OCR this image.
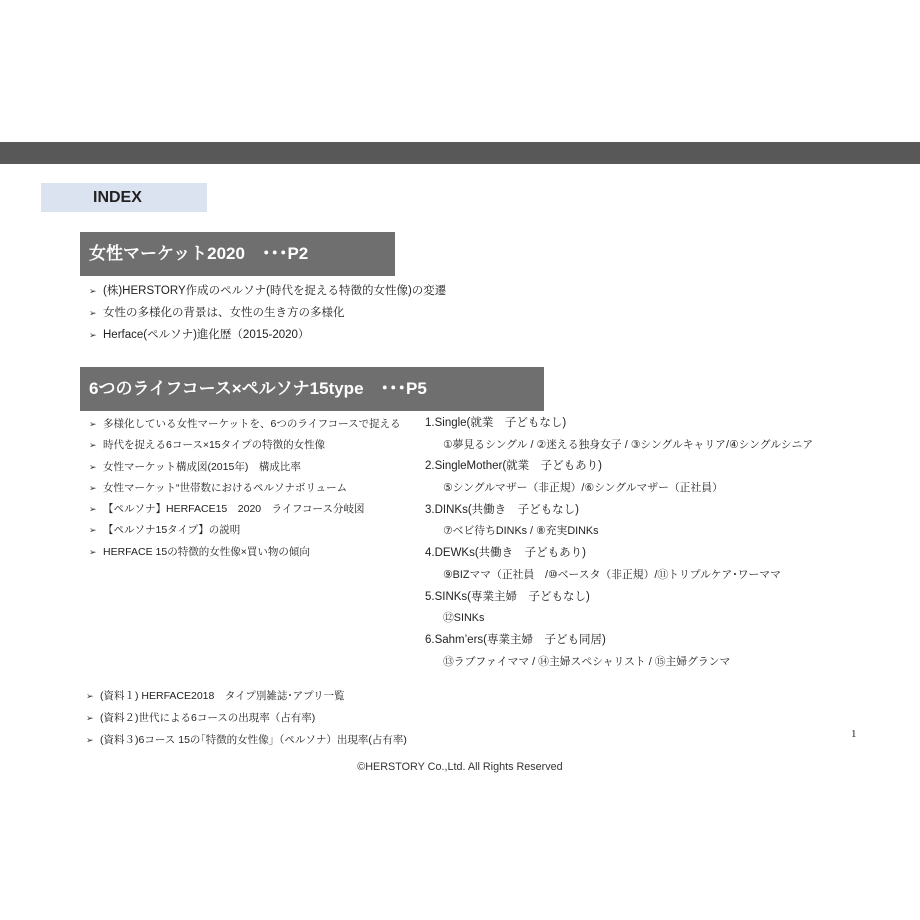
INDEX
女性マーケット2020　･･･P2
➢ (株)HERSTORY作成のペルソナ(時代を捉える特徴的女性像)の変遷
➢ 女性の多様化の背景は、女性の生き方の多様化
➢ Herface(ペルソナ)進化歴（2015-2020）
6つのライフコース×ペルソナ15type　･･･P5
➢ 多様化している女性マーケットを、6つのライフコースで捉える
➢ 時代を捉える6コース×15タイプの特徴的女性像
➢ 女性マーケット構成図(2015年)　構成比率
➢ 女性マーケット“世帯数におけるペルソナボリューム
➢ 【ペルソナ】HERFACE15　2020　ライフコース分岐図
➢ 【ペルソナ15タイプ】の説明
➢ HERFACE 15の特徴的女性像×買い物の傾向
1.Single(就業　子どもなし)
①夢見るシングル / ②迷える独身女子 / ③シングルキャリア/④シングルシニア
2.SingleMother(就業　子どもあり)
⑤シングルマザー（非正規）/⑥シングルマザー（正社員）
3.DINKs(共働き　子どもなし)
⑦ベビ待ちDINKs / ⑧充実DINKs
4.DEWKs(共働き　子どもあり)
⑨BIZママ（正社員　/⑩ベースタ（非正規）/⑪トリプルケア･ワーママ
5.SINKs(専業主婦　子どもなし)
⑫SINKs
6.Sahm’ers(専業主婦　子ども同居)
⑬ラブファイママ / ⑭主婦スペシャリスト / ⑮主婦グランマ
➢ (資料１) HERFACE2018　タイプ別雑誌･アプリ一覧
➢ (資料２)世代による6コースの出現率（占有率)
➢ (資料３)6コース 15の｢特徴的女性像｣（ペルソナ）出現率(占有率)	1
©HERSTORY Co.,Ltd. All Rights Reserved
